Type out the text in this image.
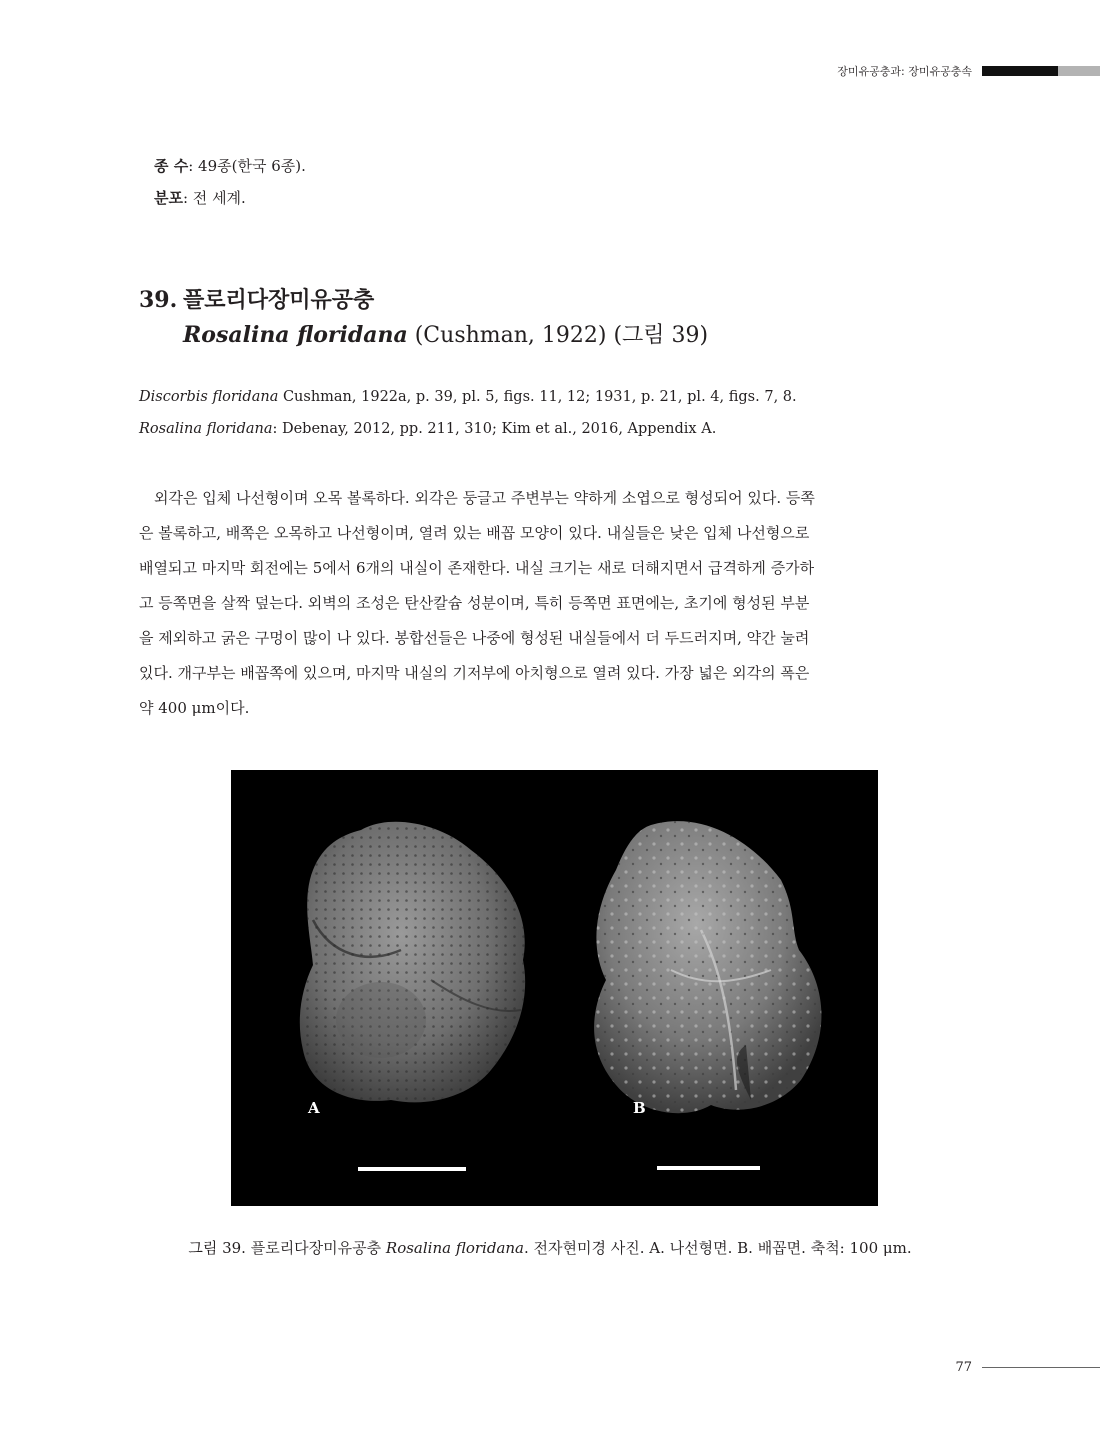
장미유공충과: 장미유공충속
종 수: 49종(한국 6종).
분포: 전 세계.
39. 플로리다장미유공충
Rosalina floridana (Cushman, 1922) (그림 39)
Discorbis floridana Cushman, 1922a, p. 39, pl. 5, figs. 11, 12; 1931, p. 21, pl. 4, figs. 7, 8.
Rosalina floridana: Debenay, 2012, pp. 211, 310; Kim et al., 2016, Appendix A.
외각은 입체 나선형이며 오목 볼록하다. 외각은 둥글고 주변부는 약하게 소엽으로 형성되어 있다. 등쪽
은 볼록하고, 배쪽은 오목하고 나선형이며, 열려 있는 배꼽 모양이 있다. 내실들은 낮은 입체 나선형으로
배열되고 마지막 회전에는 5에서 6개의 내실이 존재한다. 내실 크기는 새로 더해지면서 급격하게 증가하
고 등쪽면을 살짝 덮는다. 외벽의 조성은 탄산칼슘 성분이며, 특히 등쪽면 표면에는, 초기에 형성된 부분
을 제외하고 굵은 구멍이 많이 나 있다. 봉합선들은 나중에 형성된 내실들에서 더 두드러지며, 약간 눌려
있다. 개구부는 배꼽쪽에 있으며, 마지막 내실의 기저부에 아치형으로 열려 있다. 가장 넓은 외각의 폭은
약 400 μm이다.
A	B
그림 39. 플로리다장미유공충 Rosalina floridana. 전자현미경 사진. A. 나선형면. B. 배꼽면. 축척: 100 μm.
77
